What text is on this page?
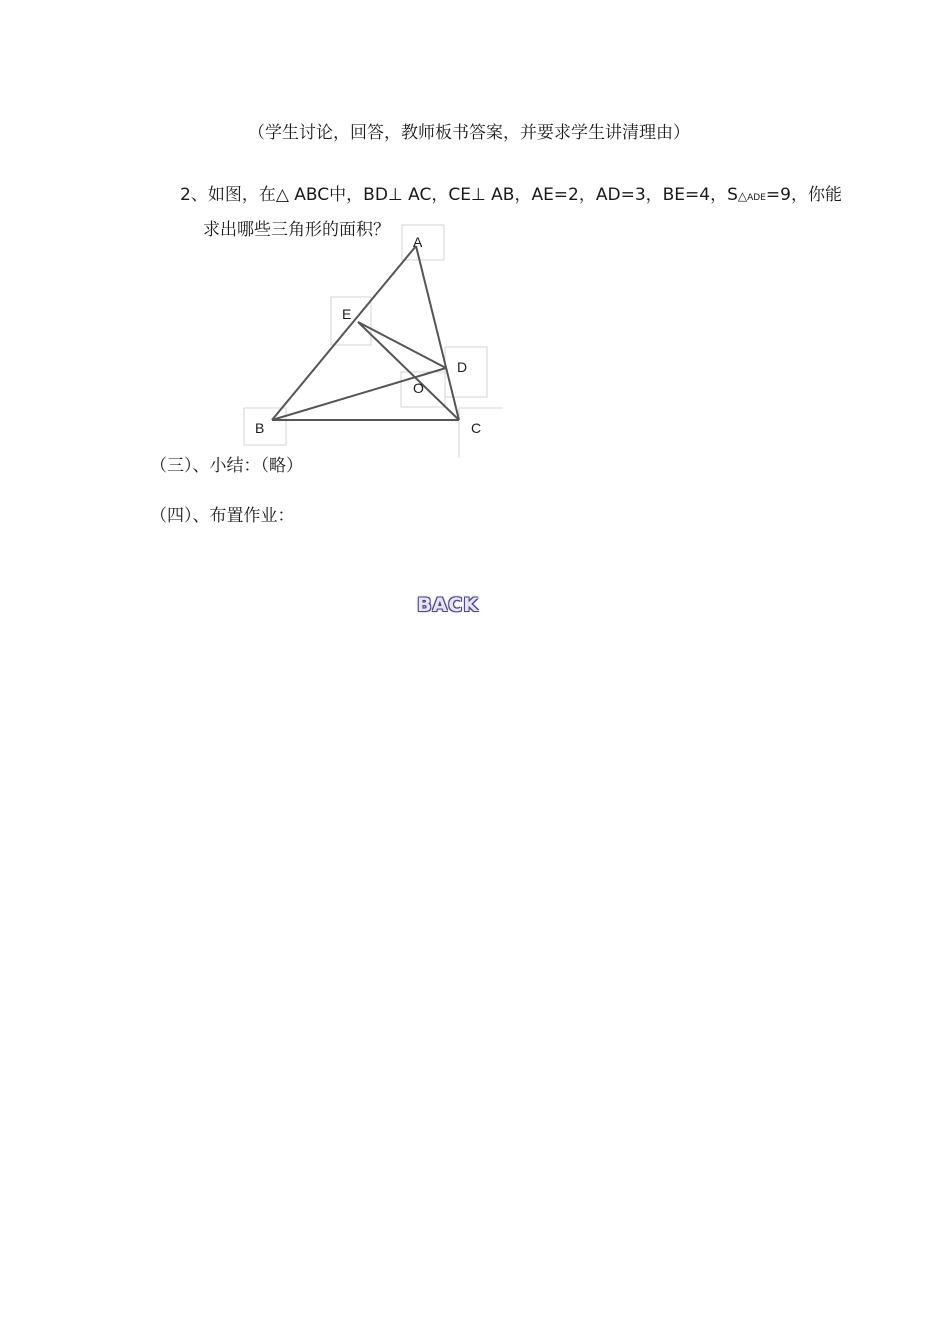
（学生讨论，回答，教师板书答案，并要求学生讲清理由）
2、如图，在△ ABC中，BD⊥ AC，CE⊥ AB，AE=2，AD=3，BE=4，S△ADE=9，你能
求出哪些三角形的面积？
A
E
D
O
B	C
（三）、小结：（略）
（四）、布置作业：
BACK
